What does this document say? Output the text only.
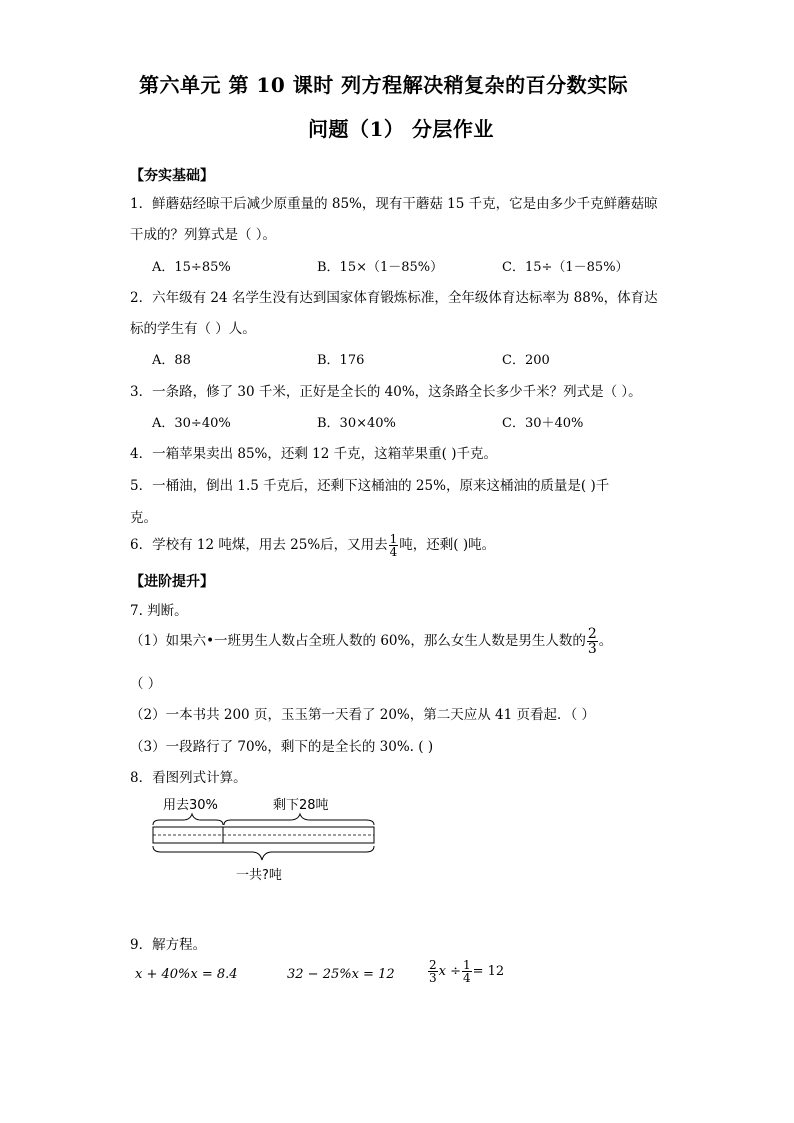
第六单元 第 10 课时 列方程解决稍复杂的百分数实际
问题（1） 分层作业
【夯实基础】
1．鲜蘑菇经晾干后减少原重量的 85%，现有干蘑菇 15 千克，它是由多少千克鲜蘑菇晾
干成的？列算式是（ ）。
A．15÷85%	B．15×（1－85%）	C．15÷（1－85%）
2．六年级有 24 名学生没有达到国家体育锻炼标准，全年级体育达标率为 88%，体育达
标的学生有（ ）人。
A．88	B．176	C．200
3．一条路，修了 30 千米，正好是全长的 40%，这条路全长多少千米？列式是（ ）。
A．30÷40%	B．30×40%	C．30＋40%
4．一箱苹果卖出 85%，还剩 12 千克，这箱苹果重( )千克。
5．一桶油，倒出 1.5 千克后，还剩下这桶油的 25%，原来这桶油的质量是( )千
克。
6．学校有 12 吨煤，用去 25%后，又用去 $\frac{1}{4}$ 吨，还剩( )吨。
【进阶提升】
7. 判断。
（1）如果六•一班男生人数占全班人数的 60%，那么女生人数是男生人数的 $\frac{2}{3}$ 。
（ ）
（2）一本书共 200 页，玉玉第一天看了 20%，第二天应从 41 页看起．（ ）
（3）一段路行了 70%，剩下的是全长的 30%. ( )
8．看图列式计算。
用去30%	剩下28吨
一共?吨
9．解方程。
x + 40%x = 8.4	32 − 25%x = 12	$\frac{2}{3}$ $x \div \frac{1}{4} = 12$
